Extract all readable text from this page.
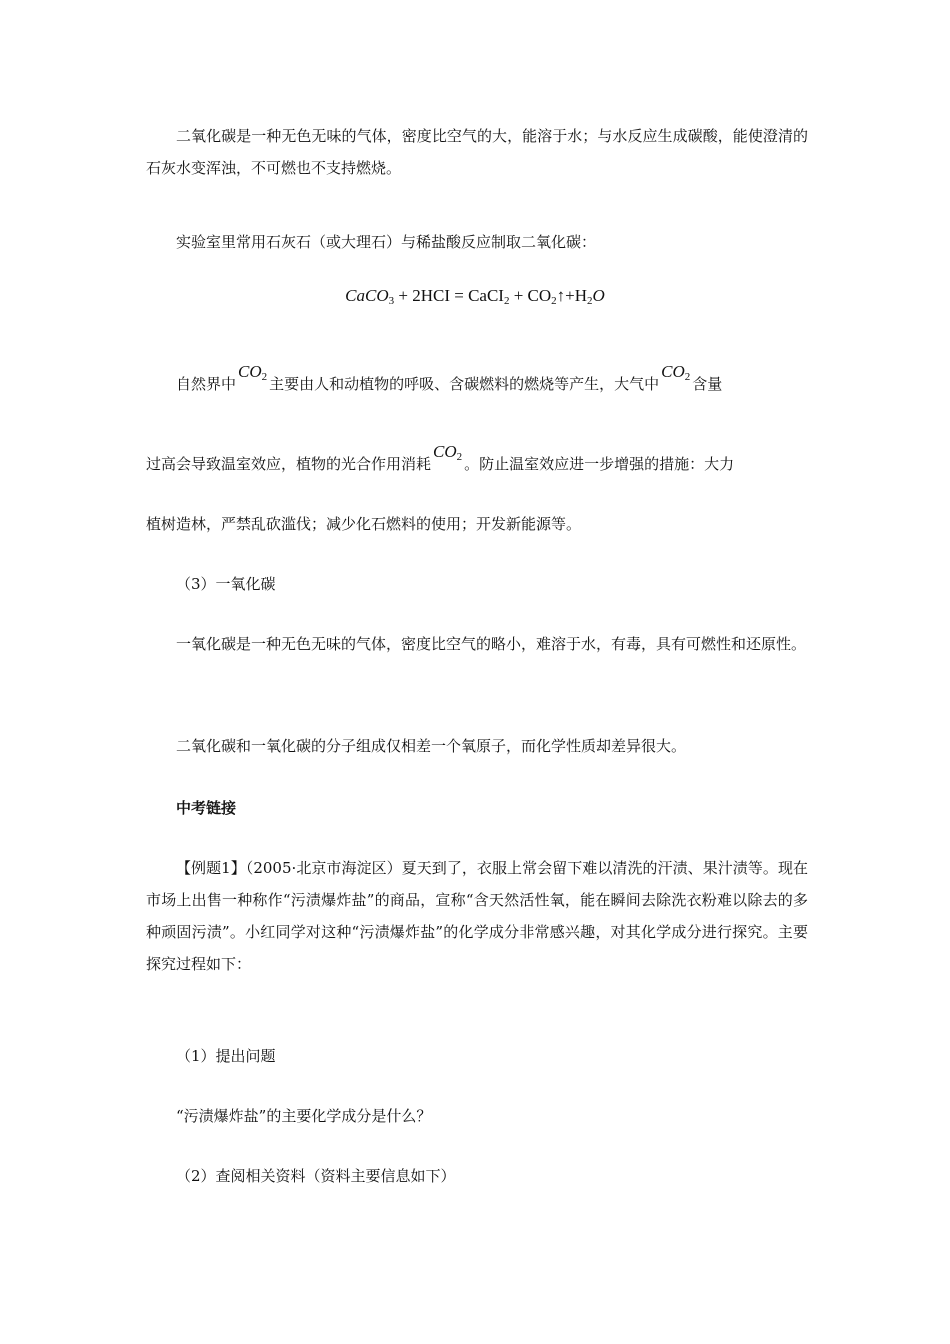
二氧化碳是一种无色无味的气体，密度比空气的大，能溶于水；与水反应生成碳酸，能使澄清的石灰水变浑浊，不可燃也不支持燃烧。

实验室里常用石灰石（或大理石）与稀盐酸反应制取二氧化碳：

CaCO$_3$ + 2HCI = CaCI$_2$ + $CO_2↑+H_2O$
自然界中$CO_2$ 主要由人和动植物的呼吸、含碳燃料的燃烧等产生，大气中$CO_2$ 含量
过高会导致温室效应，植物的光合作用消耗$CO_2$ 。防止温室效应进一步增强的措施：大力
植树造林，严禁乱砍滥伐；减少化石燃料的使用；开发新能源等。

（3）一氧化碳

一氧化碳是一种无色无味的气体，密度比空气的略小，难溶于水，有毒，具有可燃性和还原性。

二氧化碳和一氧化碳的分子组成仅相差一个氧原子，而化学性质却差异很大。

中考链接

【例题1】（2005·北京市海淀区）夏天到了，衣服上常会留下难以清洗的汗渍、果汁渍等。现在市场上出售一种称作“污渍爆炸盐”的商品，宣称“含天然活性氧，能在瞬间去除洗衣粉难以除去的多种顽固污渍”。小红同学对这种“污渍爆炸盐”的化学成分非常感兴趣，对其化学成分进行探究。主要探究过程如下：

（1）提出问题

“污渍爆炸盐”的主要化学成分是什么？

（2）查阅相关资料（资料主要信息如下）
